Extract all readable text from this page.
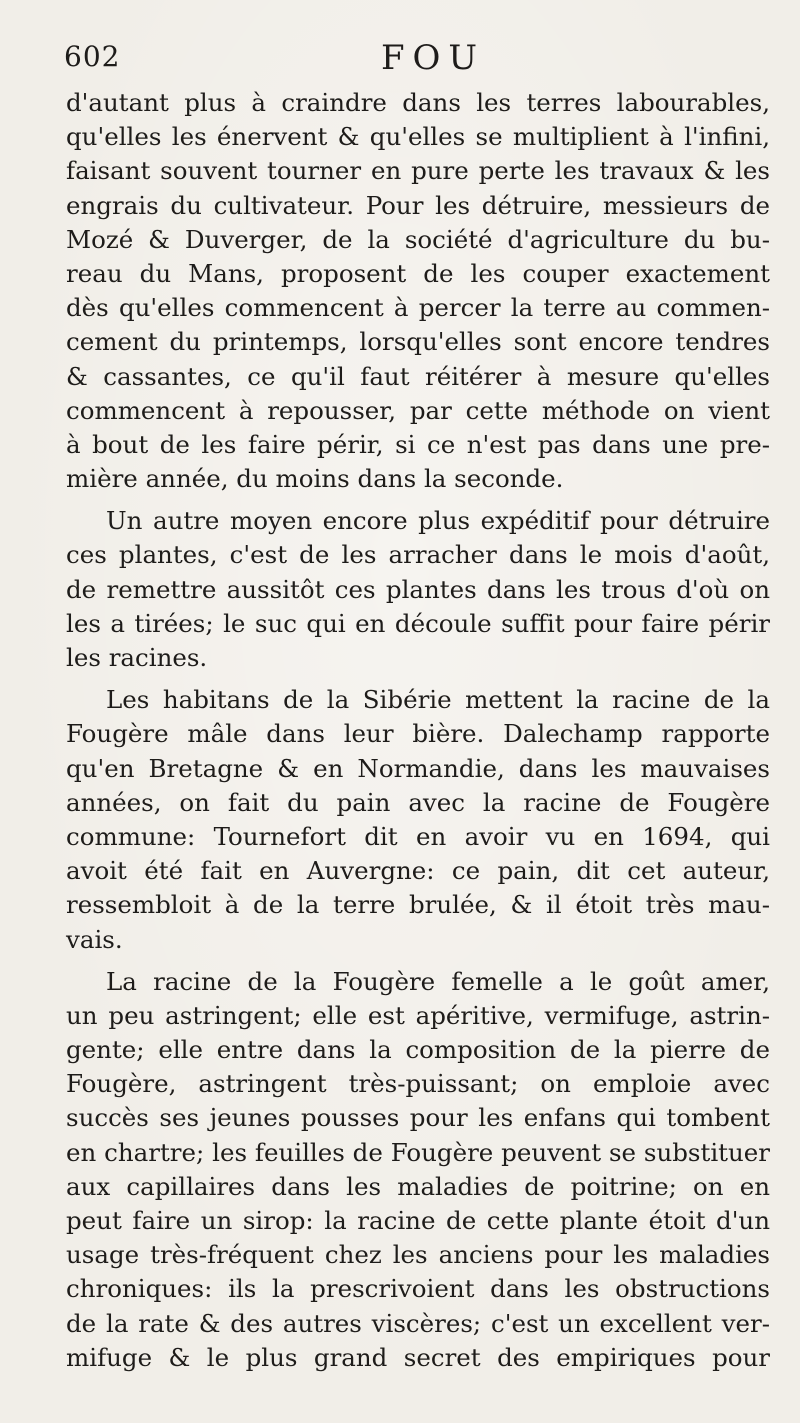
602	FOU
d'autant plus à craindre dans les terres labourables,
qu'elles les énervent & qu'elles se multiplient à l'infini,
faisant souvent tourner en pure perte les travaux & les
engrais du cultivateur. Pour les détruire, messieurs de
Mozé & Duverger, de la société d'agriculture du bu-
reau du Mans, proposent de les couper exactement
dès qu'elles commencent à percer la terre au commen-
cement du printemps, lorsqu'elles sont encore tendres
& cassantes, ce qu'il faut réitérer à mesure qu'elles
commencent à repousser, par cette méthode on vient
à bout de les faire périr, si ce n'est pas dans une pre-
mière année, du moins dans la seconde.
Un autre moyen encore plus expéditif pour détruire
ces plantes, c'est de les arracher dans le mois d'août,
de remettre aussitôt ces plantes dans les trous d'où on
les a tirées; le suc qui en découle suffit pour faire périr
les racines.
Les habitans de la Sibérie mettent la racine de la
Fougère mâle dans leur bière. Dalechamp rapporte
qu'en Bretagne & en Normandie, dans les mauvaises
années, on fait du pain avec la racine de Fougère
commune: Tournefort dit en avoir vu en 1694, qui
avoit été fait en Auvergne: ce pain, dit cet auteur,
ressembloit à de la terre brulée, & il étoit très mau-
vais.
La racine de la Fougère femelle a le goût amer,
un peu astringent; elle est apéritive, vermifuge, astrin-
gente; elle entre dans la composition de la pierre de
Fougère, astringent très-puissant; on emploie avec
succès ses jeunes pousses pour les enfans qui tombent
en chartre; les feuilles de Fougère peuvent se substituer
aux capillaires dans les maladies de poitrine; on en
peut faire un sirop: la racine de cette plante étoit d'un
usage très-fréquent chez les anciens pour les maladies
chroniques: ils la prescrivoient dans les obstructions
de la rate & des autres viscères; c'est un excellent ver-
mifuge & le plus grand secret des empiriques pour
